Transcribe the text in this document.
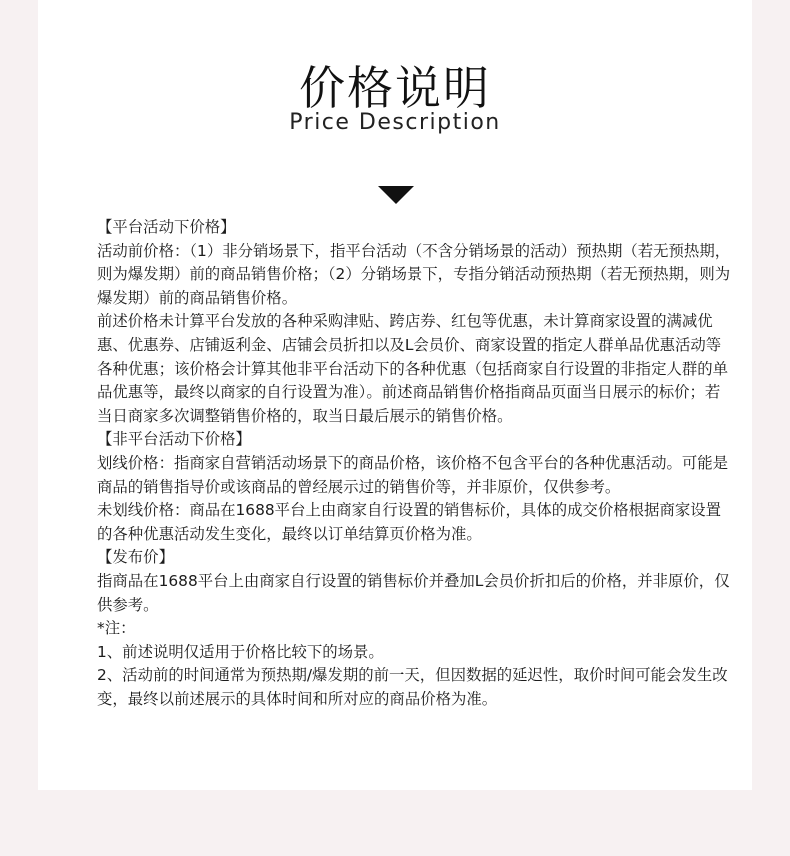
价格说明
Price Description

【平台活动下价格】

活动前价格：（1）非分销场景下，指平台活动（不含分销场景的活动）预热期（若无预热期，则为爆发期）前的商品销售价格；（2）分销场景下，专指分销活动预热期（若无预热期，则为爆发期）前的商品销售价格。

前述价格未计算平台发放的各种采购津贴、跨店券、红包等优惠，未计算商家设置的满减优惠、优惠券、店铺返利金、店铺会员折扣以及L会员价、商家设置的指定人群单品优惠活动等各种优惠；该价格会计算其他非平台活动下的各种优惠（包括商家自行设置的非指定人群的单品优惠等，最终以商家的自行设置为准）。前述商品销售价格指商品页面当日展示的标价；若当日商家多次调整销售价格的，取当日最后展示的销售价格。

【非平台活动下价格】

划线价格：指商家自营销活动场景下的商品价格，该价格不包含平台的各种优惠活动。可能是商品的销售指导价或该商品的曾经展示过的销售价等，并非原价，仅供参考。

未划线价格：商品在1688平台上由商家自行设置的销售标价，具体的成交价格根据商家设置的各种优惠活动发生变化，最终以订单结算页价格为准。

【发布价】

指商品在1688平台上由商家自行设置的销售标价并叠加L会员价折扣后的价格，并非原价，仅供参考。

*注：

1、前述说明仅适用于价格比较下的场景。

2、活动前的时间通常为预热期/爆发期的前一天，但因数据的延迟性，取价时间可能会发生改变，最终以前述展示的具体时间和所对应的商品价格为准。
